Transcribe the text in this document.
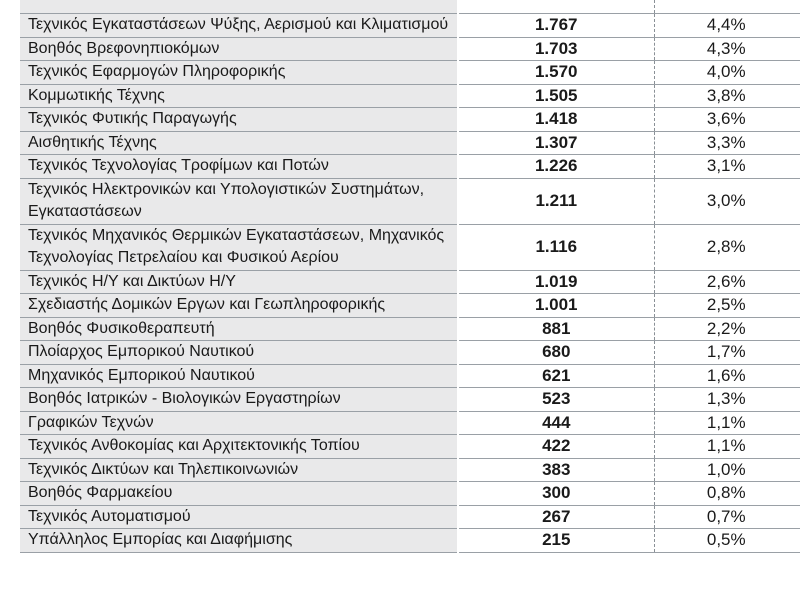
Τεχνικός Εγκαταστάσεων Ψύξης, Αερισμού και Κλιματισμού	1.767	4,4%
Βοηθός Βρεφονηπιοκόμων	1.703	4,3%
Τεχνικός Εφαρμογών Πληροφορικής	1.570	4,0%
Κομμωτικής Τέχνης	1.505	3,8%
Τεχνικός Φυτικής Παραγωγής	1.418	3,6%
Αισθητικής Τέχνης	1.307	3,3%
Τεχνικός Τεχνολογίας Τροφίμων και Ποτών	1.226	3,1%
Τεχνικός Ηλεκτρονικών και Υπολογιστικών Συστημάτων, Εγκαταστάσεων	1.211	3,0%
Τεχνικός Μηχανικός Θερμικών Εγκαταστάσεων, Μηχανικός Τεχνολογίας Πετρελαίου και Φυσικού Αερίου	1.116	2,8%
Τεχνικός Η/Υ και Δικτύων Η/Υ	1.019	2,6%
Σχεδιαστής Δομικών Εργων και Γεωπληροφορικής	1.001	2,5%
Βοηθός Φυσικοθεραπευτή	881	2,2%
Πλοίαρχος Εμπορικού Ναυτικού	680	1,7%
Μηχανικός Εμπορικού Ναυτικού	621	1,6%
Βοηθός Ιατρικών - Βιολογικών Εργαστηρίων	523	1,3%
Γραφικών Τεχνών	444	1,1%
Τεχνικός Ανθοκομίας και Αρχιτεκτονικής Τοπίου	422	1,1%
Τεχνικός Δικτύων και Τηλεπικοινωνιών	383	1,0%
Βοηθός Φαρμακείου	300	0,8%
Τεχνικός Αυτοματισμού	267	0,7%
Υπάλληλος Εμπορίας και Διαφήμισης	215	0,5%
